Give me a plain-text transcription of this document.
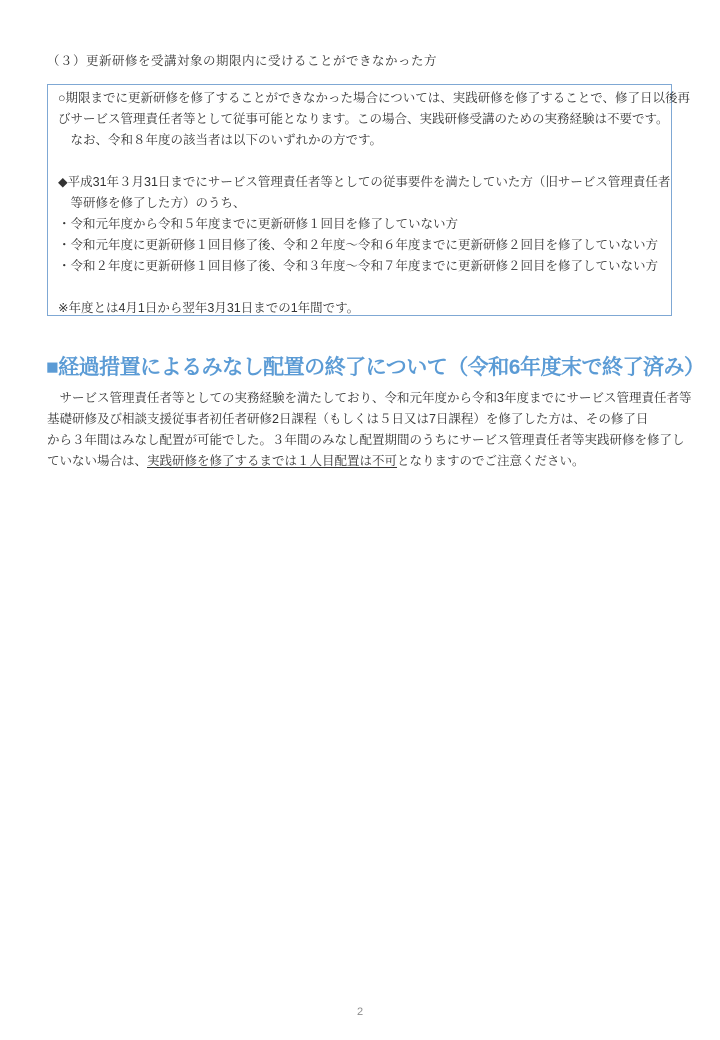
（３）更新研修を受講対象の期限内に受けることができなかった方
○期限までに更新研修を修了することができなかった場合については、実践研修を修了することで、修了日以後再
びサービス管理責任者等として従事可能となります。この場合、実践研修受講のための実務経験は不要です。
　なお、令和８年度の該当者は以下のいずれかの方です。
◆平成31年３月31日までにサービス管理責任者等としての従事要件を満たしていた方（旧サービス管理責任者
　等研修を修了した方）のうち、
・令和元年度から令和５年度までに更新研修１回目を修了していない方
・令和元年度に更新研修１回目修了後、令和２年度～令和６年度までに更新研修２回目を修了していない方
・令和２年度に更新研修１回目修了後、令和３年度～令和７年度までに更新研修２回目を修了していない方
※年度とは4月1日から翌年3月31日までの1年間です。
■経過措置によるみなし配置の終了について（令和6年度末で終了済み）
　サービス管理責任者等としての実務経験を満たしており、令和元年度から令和3年度までにサービス管理責任者等
基礎研修及び相談支援従事者初任者研修2日課程（もしくは５日又は7日課程）を修了した方は、その修了日
から３年間はみなし配置が可能でした。３年間のみなし配置期間のうちにサービス管理責任者等実践研修を修了し
ていない場合は、実践研修を修了するまでは１人目配置は不可となりますのでご注意ください。
2
